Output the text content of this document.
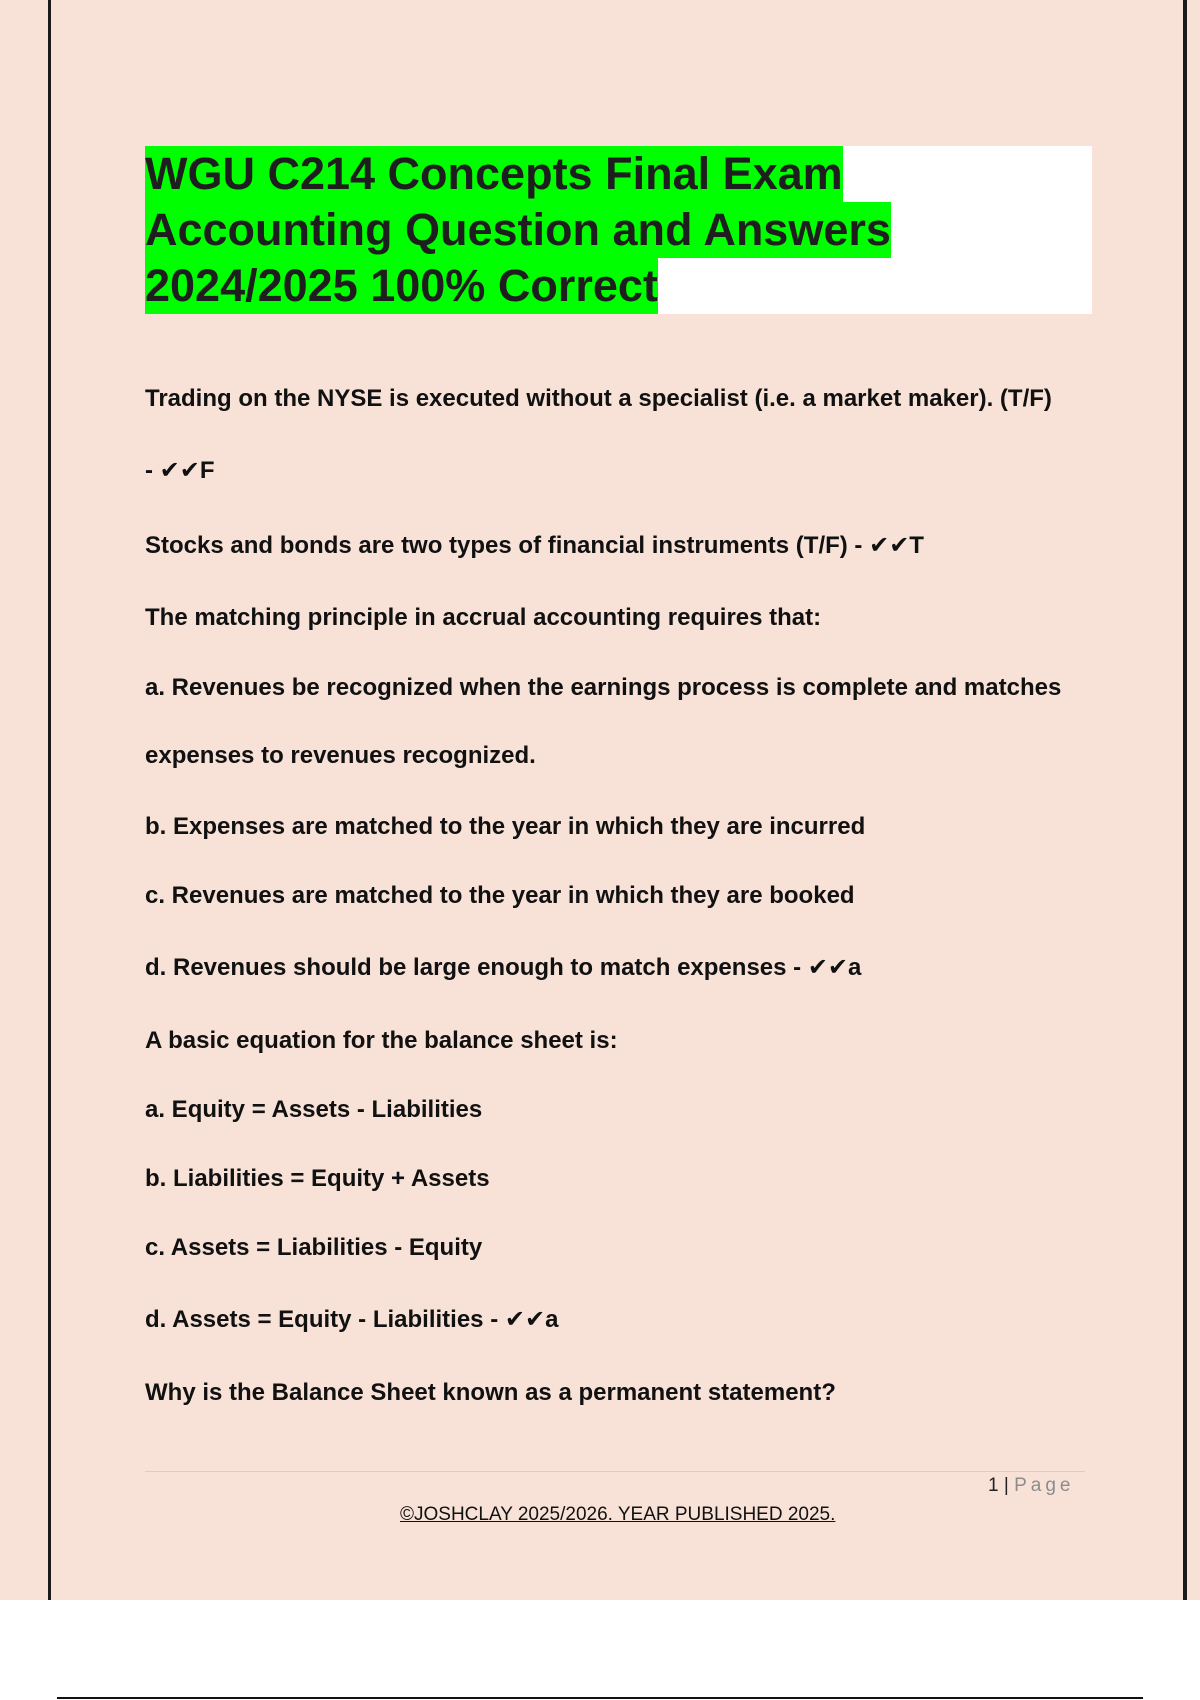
WGU C214 Concepts Final Exam
Accounting Question and Answers
2024/2025 100% Correct
Trading on the NYSE is executed without a specialist (i.e. a market maker). (T/F)
- ✔✔F
Stocks and bonds are two types of financial instruments (T/F) - ✔✔T
The matching principle in accrual accounting requires that:
a. Revenues be recognized when the earnings process is complete and matches
expenses to revenues recognized.
b. Expenses are matched to the year in which they are incurred
c. Revenues are matched to the year in which they are booked
d. Revenues should be large enough to match expenses - ✔✔a
A basic equation for the balance sheet is:
a. Equity = Assets - Liabilities
b. Liabilities = Equity + Assets
c. Assets = Liabilities - Equity
d. Assets = Equity - Liabilities - ✔✔a
Why is the Balance Sheet known as a permanent statement?
1 | Page
©JOSHCLAY 2025/2026. YEAR PUBLISHED 2025.
